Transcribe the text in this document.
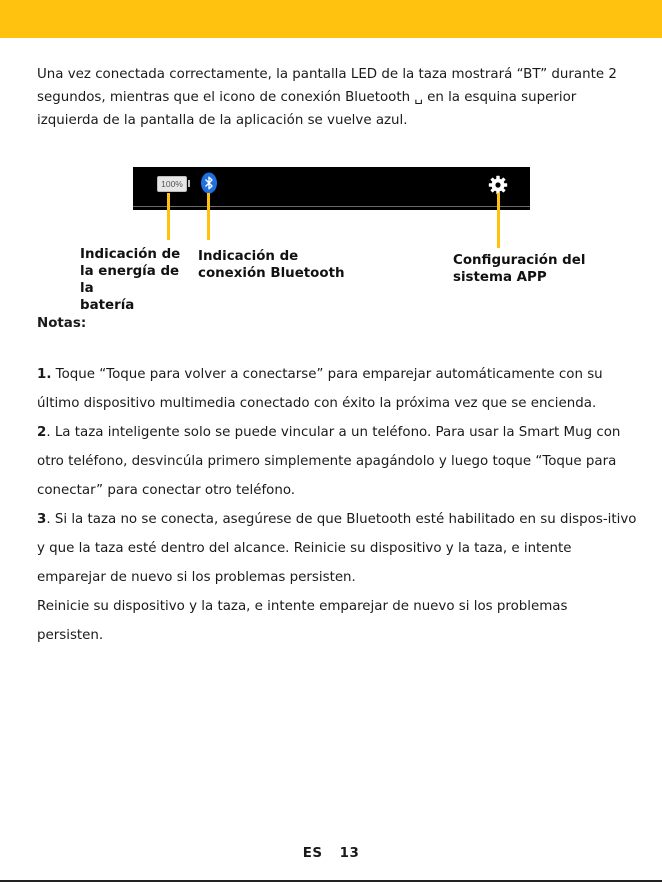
Una vez conectada correctamente, la pantalla LED de la taza mostrará “BT” durante 2 segundos, mientras que el icono de conexión Bluetooth ␣ en la esquina superior izquierda de la pantalla de la aplicación se vuelve azul.

100%
Indicación de
la energía de la
batería
Indicación de
conexión Bluetooth
Configuración del
sistema APP
Notas:

1. Toque “Toque para volver a conectarse” para emparejar automáticamente con su último dispositivo multimedia conectado con éxito la próxima vez que se encienda.

2. La taza inteligente solo se puede vincular a un teléfono. Para usar la Smart Mug con otro teléfono, desvincúla primero simplemente apagándolo y luego toque “Toque para conectar” para conectar otro teléfono.

3. Si la taza no se conecta, asegúrese de que Bluetooth esté habilitado en su dispos-itivo y que la taza esté dentro del alcance. Reinicie su dispositivo y la taza, e intente emparejar de nuevo si los problemas persisten.

Reinicie su dispositivo y la taza, e intente emparejar de nuevo si los problemas persisten.

ES 13
